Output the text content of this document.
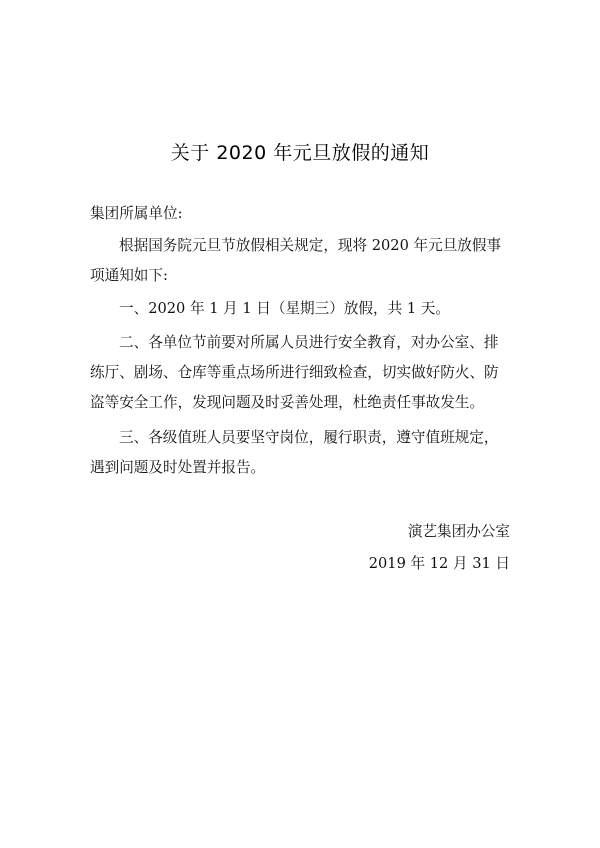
关于 2020 年元旦放假的通知
集团所属单位:
根据国务院元旦节放假相关规定，现将 2020 年元旦放假事项通知如下:
一、2020 年 1 月 1 日（星期三）放假，共 1 天。
二、各单位节前要对所属人员进行安全教育，对办公室、排练厅、剧场、仓库等重点场所进行细致检查，切实做好防火、防盗等安全工作，发现问题及时妥善处理，杜绝责任事故发生。
三、各级值班人员要坚守岗位，履行职责，遵守值班规定，遇到问题及时处置并报告。
演艺集团办公室
2019 年 12 月 31 日
